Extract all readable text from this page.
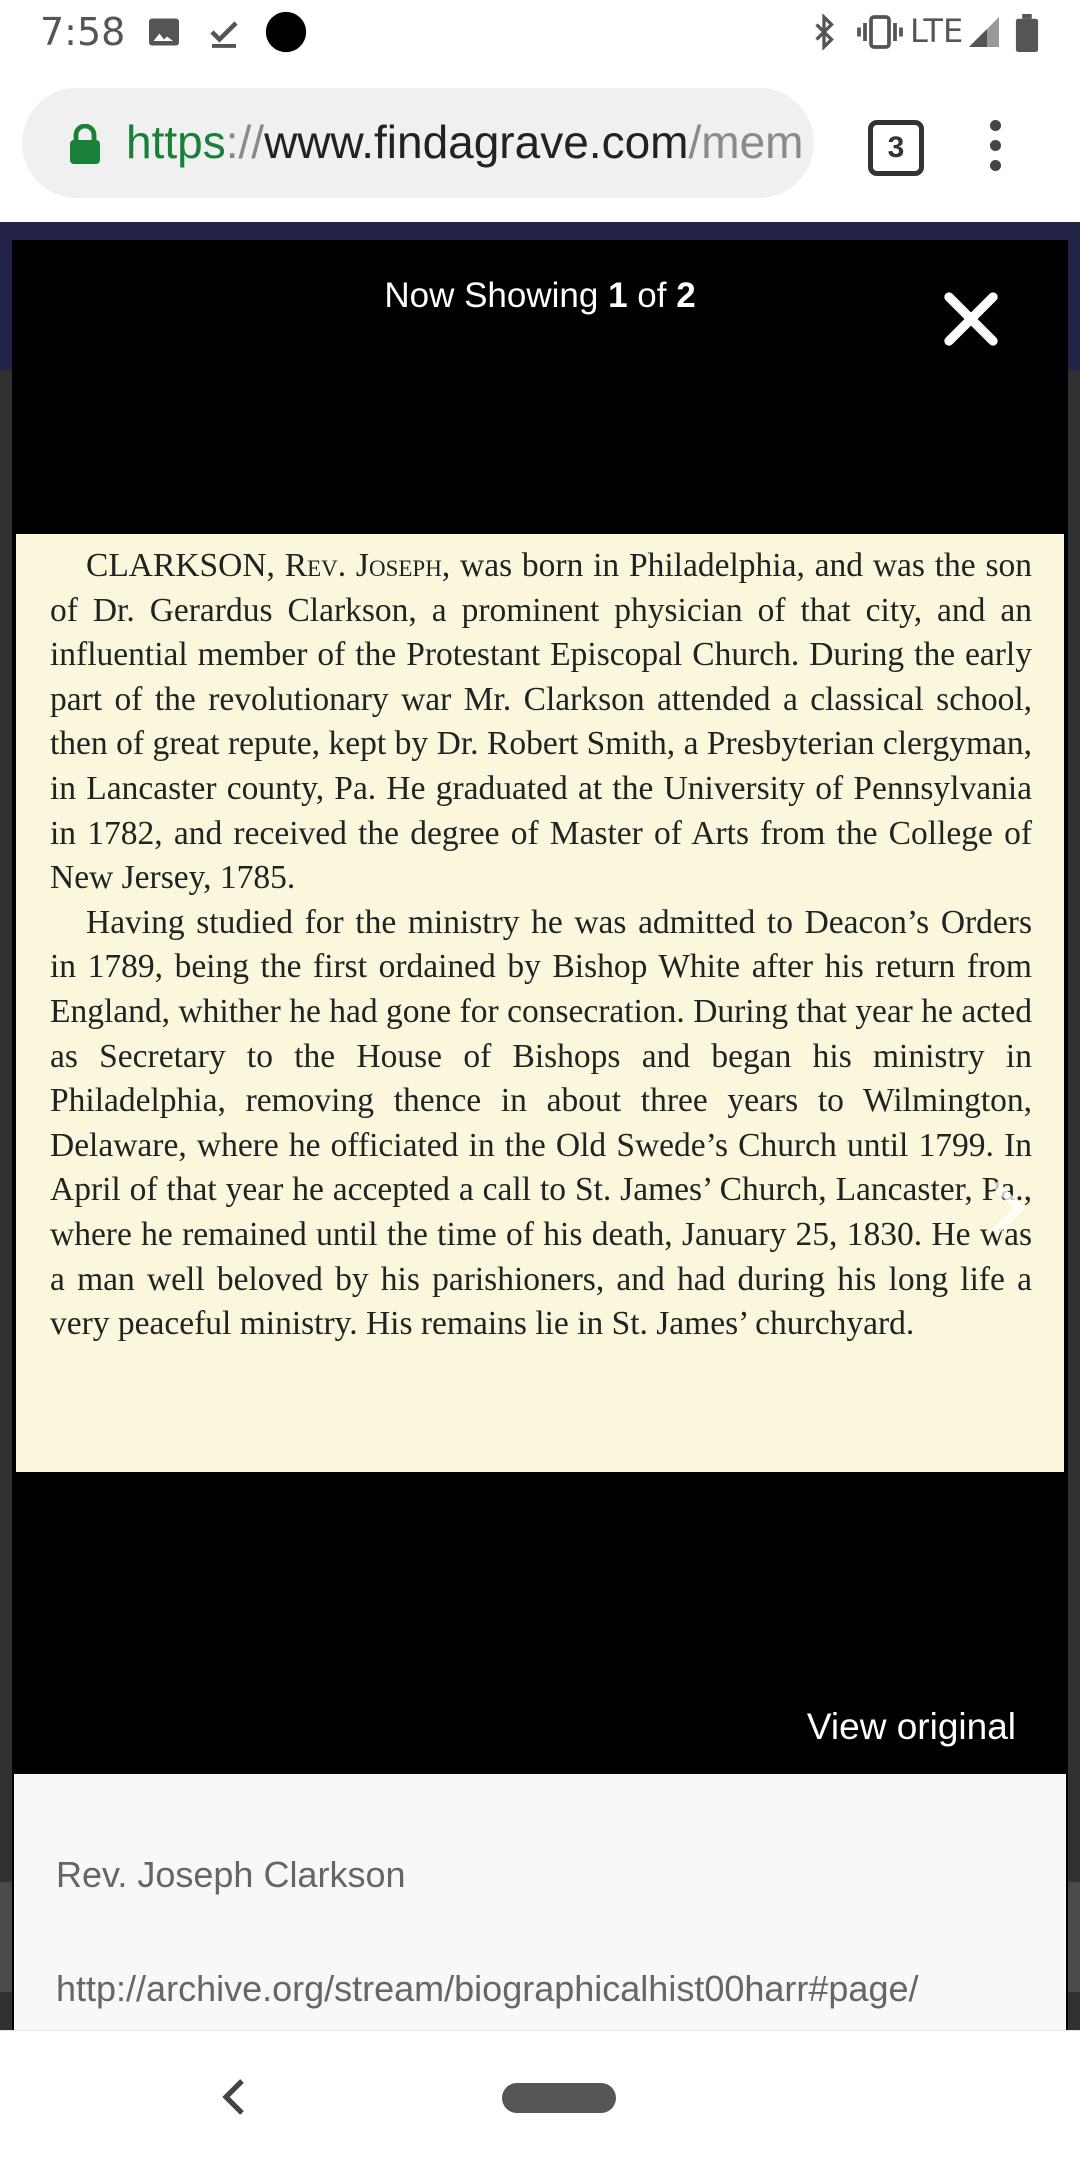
7:58	LTE
https://www.findagrave.com/mem	3
Now Showing 1 of 2

CLARKSON, Rev. Joseph, was born in Philadelphia, and was the son of Dr. Gerardus Clarkson, a prominent physician of that city, and an influential member of the Protestant Episcopal Church. During the early part of the revolutionary war Mr. Clarkson attended a classical school, then of great repute, kept by Dr. Robert Smith, a Presbyterian clergyman, in Lancaster county, Pa. He graduated at the University of Pennsylvania in 1782, and received the degree of Master of Arts from the College of New Jersey, 1785.

Having studied for the ministry he was admitted to Deacon’s Orders in 1789, being the first ordained by Bishop White after his return from England, whither he had gone for consecration. During that year he acted as Secretary to the House of Bishops and began his ministry in Philadelphia, removing thence in about three years to Wilmington, Delaware, where he officiated in the Old Swede’s Church until 1799. In April of that year he accepted a call to St. James’ Church, Lancaster, Pa., where he remained until the time of his death, January 25, 1830. He was a man well beloved by his parishioners, and had during his long life a very peaceful ministry. His remains lie in St. James’ churchyard.

View original
Rev. Joseph Clarkson
http://archive.org/stream/biographicalhist00harr#page/
